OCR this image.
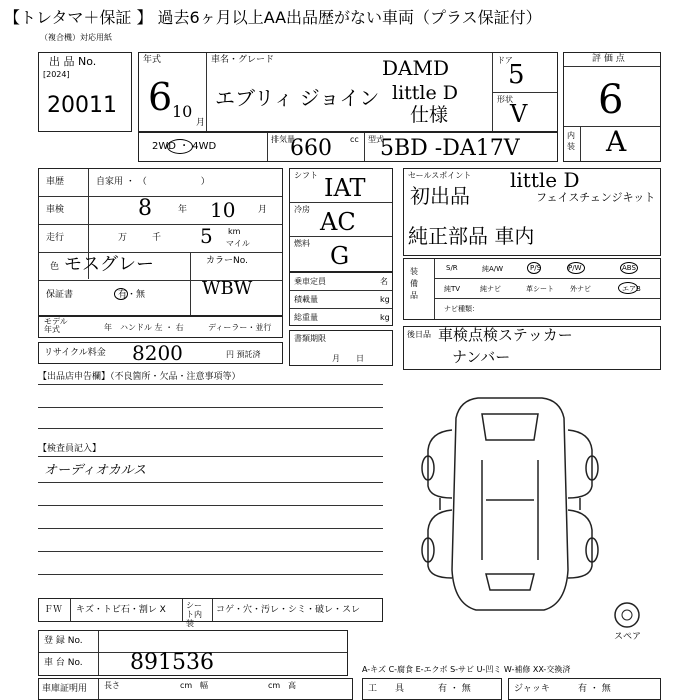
【トレタマ＋保証 】 過去6ヶ月以上AA出品歴がない車両（プラス保証付）
（複合機）対応用紙
出 品 No.
[2024]
20011
年式
6 10
月
車名・グレード
エブリィ ジョイン
DAMD
little D
仕様
ドア
5
形状
V
評 価 点
6
内装 A
2WD ・ 4WD
排気量
660 cc 型式
5BD -DA17V
車歴	自家用 ・ （　　　　　　）
車検	8	年 10	月
走行	万	千 5 km
マイル
色 モスグレー	カラーNo.
WBW
保証書	有・無
モデル 年式	年 ハンドル 左 ・ 右	ディーラー・並行
リサイクル料金 8200	円 預託済
シフト IAT
冷房 AC
燃料 G
乗車定員	名
積載量	kg
総重量	kg
書類期限
月　　日
セールスポイント
初出品
little D
フェイスチェンジキット
純正部品 車内
装備品
S/R	純A/W	P/S	P/W	ABS
純TV	純ナビ	革シート 外ナビ	エアB
ナビ種類：
後日品 車検点検ステッカー
ナンバー
【出品店申告欄】（不良箇所・欠品・注意事項等）
【検査員記入】
オーディオカルス
ＦＷ キズ・トビ石・割レ X	シート内装
コゲ・穴・汚レ・シミ・破レ・スレ
登 録 No.
車 台 No. 891536	A-キズ C-腐食 E-エクボ S-サビ U-凹ミ W-補修 XX-交換済
車庫証明用 長さ	cm 幅	cm 高	工　　具	有 ・ 無	ジャッキ	有 ・ 無
スペア
